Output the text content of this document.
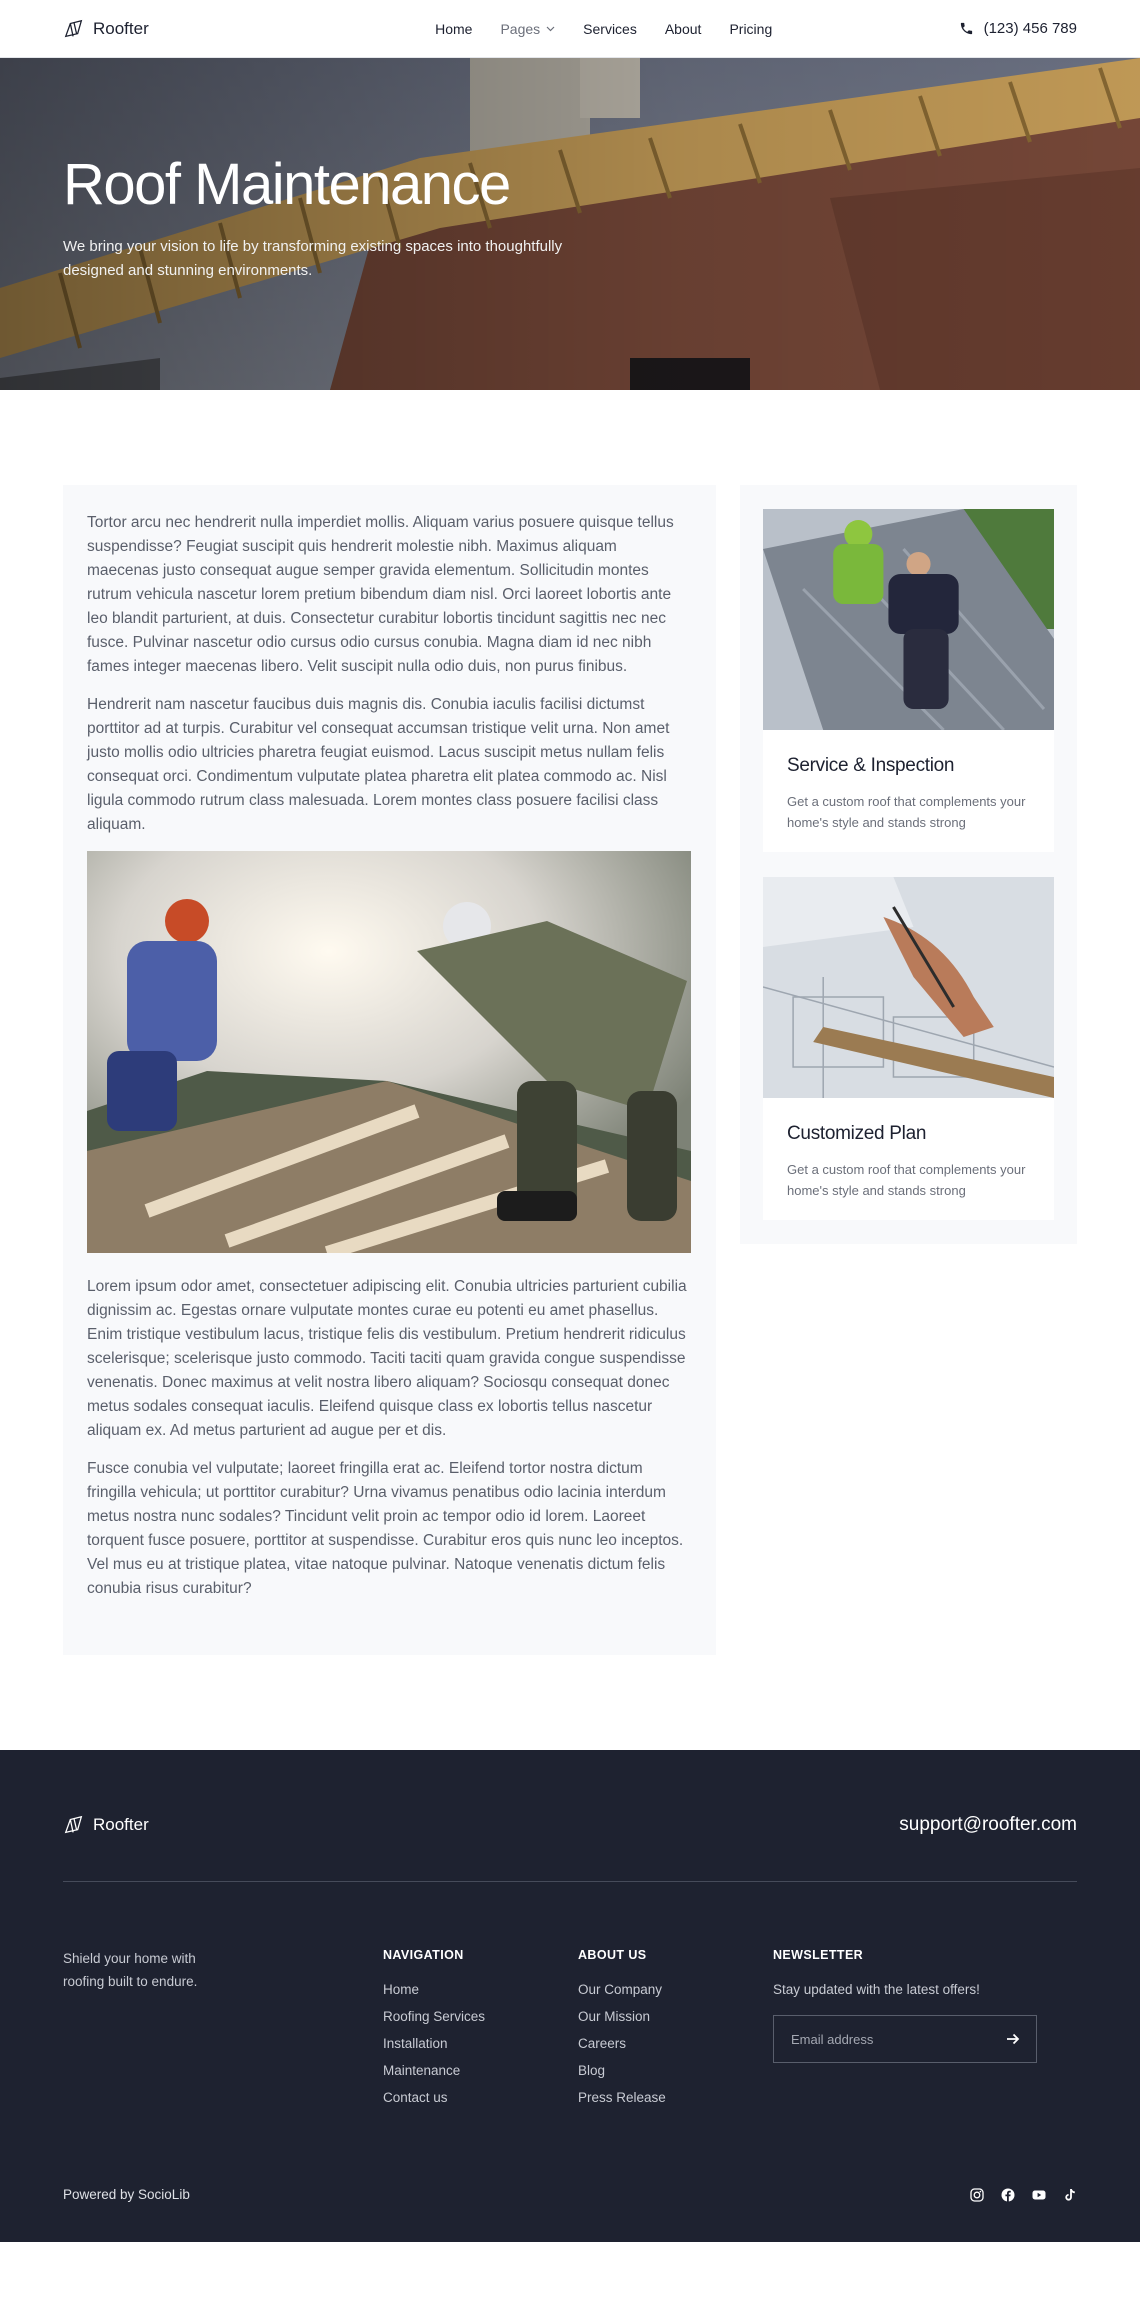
Roofter	Home Pages	Services About Pricing	(123) 456 789
Roof Maintenance

We bring your vision to life by transforming existing spaces into thoughtfully designed and stunning environments.

Tortor arcu nec hendrerit nulla imperdiet mollis. Aliquam varius posuere quisque tellus suspendisse? Feugiat suscipit quis hendrerit molestie nibh. Maximus aliquam maecenas justo consequat augue semper gravida elementum. Sollicitudin montes rutrum vehicula nascetur lorem pretium bibendum diam nisl. Orci laoreet lobortis ante leo blandit parturient, at duis. Consectetur curabitur lobortis tincidunt sagittis nec nec fusce. Pulvinar nascetur odio cursus odio cursus conubia. Magna diam id nec nibh fames integer maecenas libero. Velit suscipit nulla odio duis, non purus finibus.

Hendrerit nam nascetur faucibus duis magnis dis. Conubia iaculis facilisi dictumst porttitor ad at turpis. Curabitur vel consequat accumsan tristique velit urna. Non amet justo mollis odio ultricies pharetra feugiat euismod. Lacus suscipit metus nullam felis consequat orci. Condimentum vulputate platea pharetra elit platea commodo ac. Nisl ligula commodo rutrum class malesuada. Lorem montes class posuere facilisi class aliquam.

Lorem ipsum odor amet, consectetuer adipiscing elit. Conubia ultricies parturient cubilia dignissim ac. Egestas ornare vulputate montes curae eu potenti eu amet phasellus. Enim tristique vestibulum lacus, tristique felis dis vestibulum. Pretium hendrerit ridiculus scelerisque; scelerisque justo commodo. Taciti taciti quam gravida congue suspendisse venenatis. Donec maximus at velit nostra libero aliquam? Sociosqu consequat donec metus sodales consequat iaculis. Eleifend quisque class ex lobortis tellus nascetur aliquam ex. Ad metus parturient ad augue per et dis.

Fusce conubia vel vulputate; laoreet fringilla erat ac. Eleifend tortor nostra dictum fringilla vehicula; ut porttitor curabitur? Urna vivamus penatibus odio lacinia interdum metus nostra nunc sodales? Tincidunt velit proin ac tempor odio id lorem. Laoreet torquent fusce posuere, porttitor at suspendisse. Curabitur eros quis nunc leo inceptos. Vel mus eu at tristique platea, vitae natoque pulvinar. Natoque venenatis dictum felis conubia risus curabitur?

Service & Inspection

Get a custom roof that complements your home's style and stands strong

Customized Plan

Get a custom roof that complements your home's style and stands strong

Roofter	support@roofter.com
Shield your home with roofing built to endure.
NAVIGATION
Home
Roofing Services
Installation
Maintenance
Contact us
ABOUT US
Our Company
Our Mission
Careers
Blog
Press Release
NEWSLETTER

Stay updated with the latest offers!

Email address
Powered by SocioLib
